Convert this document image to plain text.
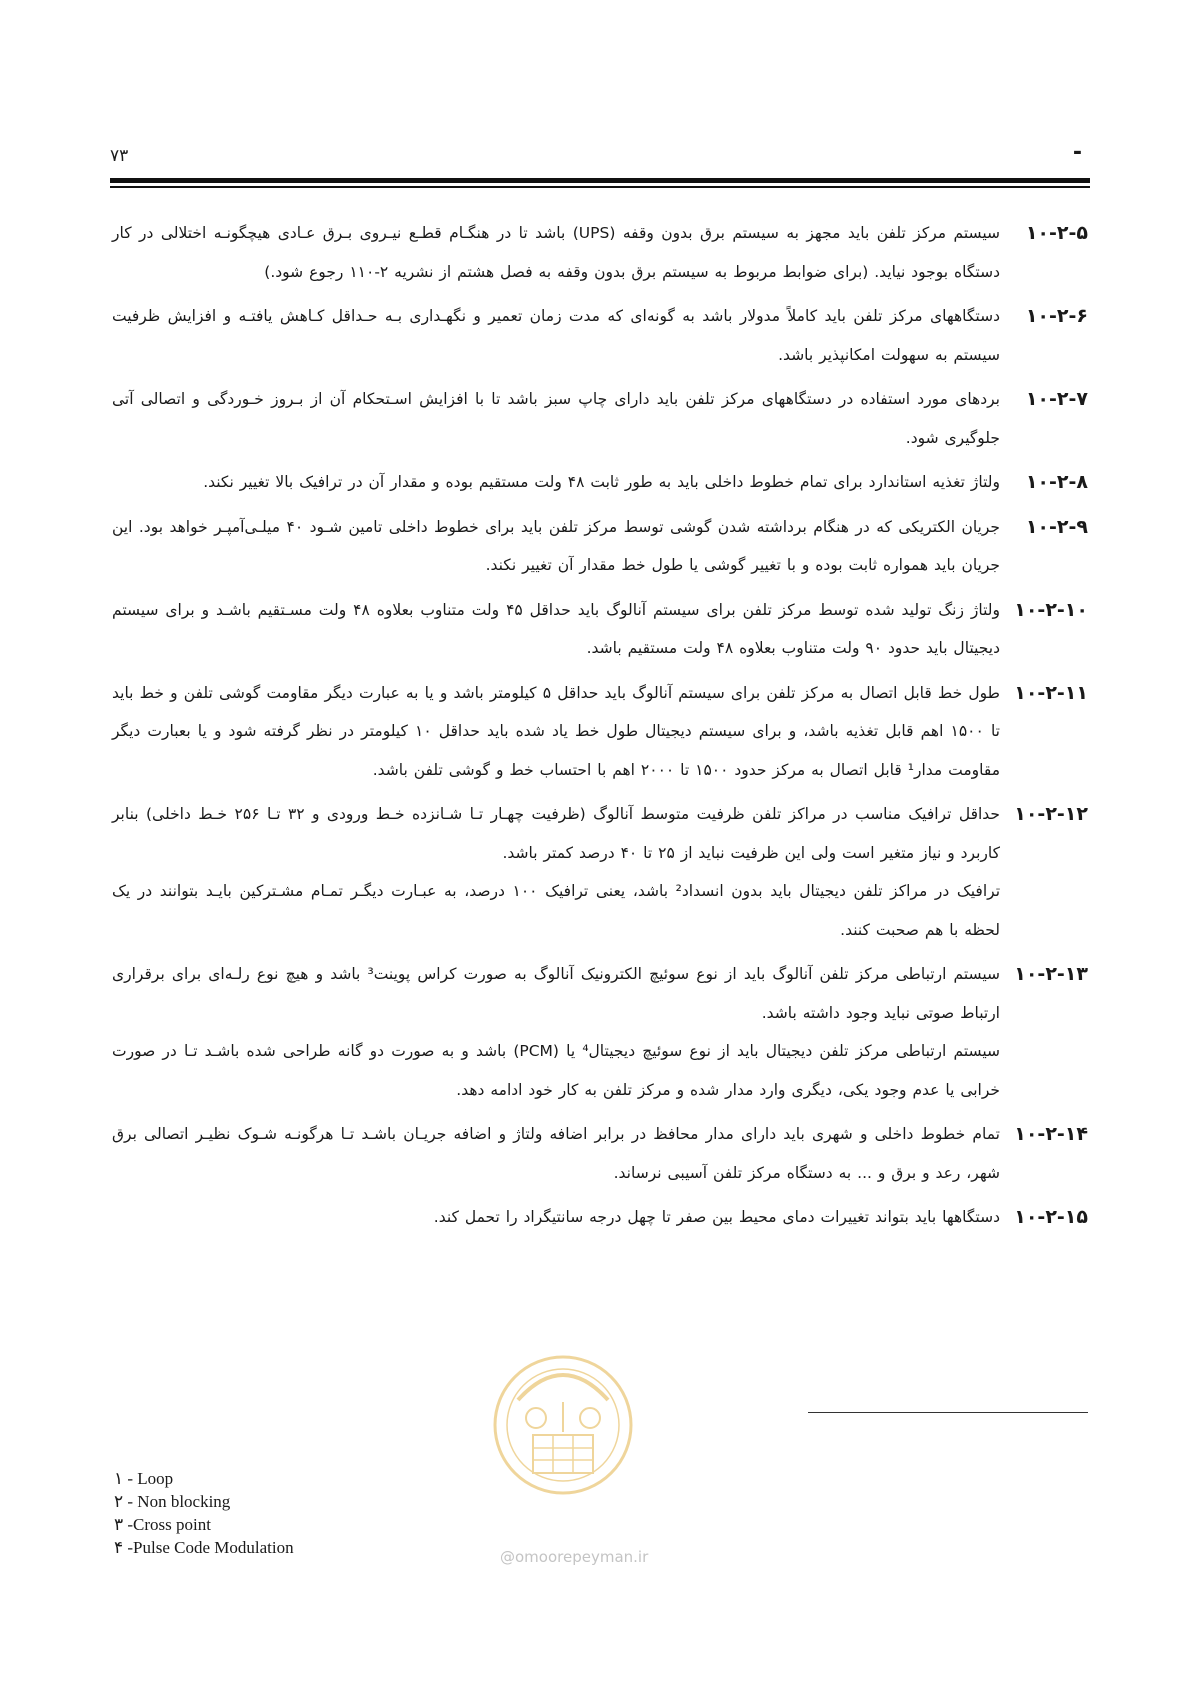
۷۳	-
۱۰-۲-۵

سیستم مرکز تلفن باید مجهز به سیستم برق بدون وقفه (UPS) باشد تا در هنگـام قطـع نیـروی بـرق عـادی هیچگونـه اختلالی در کار دستگاه بوجود نیاید. (برای ضوابط مربوط به سیستم برق بدون وقفه به فصل هشتم از نشریه ۲-۱۱۰ رجوع شود.)

۱۰-۲-۶

دستگاههای مرکز تلفن باید کاملاً مدولار باشد به گونه‌ای که مدت زمان تعمیر و نگهـداری بـه حـداقل کـاهش یافتـه و افزایش ظرفیت سیستم به سهولت امکانپذیر باشد.

۱۰-۲-۷

بردهای مورد استفاده در دستگاههای مرکز تلفن باید دارای چاپ سبز باشد تا با افزایش اسـتحکام آن از بـروز خـوردگی و اتصالی آتی جلوگیری شود.

۱۰-۲-۸

ولتاژ تغذیه استاندارد برای تمام خطوط داخلی باید به طور ثابت ۴۸ ولت مستقیم بوده و مقدار آن در ترافیک بالا تغییر نکند.

۱۰-۲-۹

جریان الکتریکی که در هنگام برداشته شدن گوشی توسط مرکز تلفن باید برای خطوط داخلی تامین شـود ۴۰ میلـی‌آمپـر خواهد بود. این جریان باید همواره ثابت بوده و با تغییر گوشی یا طول خط مقدار آن تغییر نکند.

۱۰-۲-۱۰

ولتاژ زنگ تولید شده توسط مرکز تلفن برای سیستم آنالوگ باید حداقل ۴۵ ولت متناوب بعلاوه ۴۸ ولت مسـتقیم باشـد و برای سیستم دیجیتال باید حدود ۹۰ ولت متناوب بعلاوه ۴۸ ولت مستقیم باشد.

۱۰-۲-۱۱

طول خط قابل اتصال به مرکز تلفن برای سیستم آنالوگ باید حداقل ۵ کیلومتر باشد و یا به عبارت دیگر مقاومت گوشی تلفن و خط باید تا ۱۵۰۰ اهم قابل تغذیه باشد، و برای سیستم دیجیتال طول خط یاد شده باید حداقل ۱۰ کیلومتر در نظر گرفته شود و یا بعبارت دیگر مقاومت مدار¹ قابل اتصال به مرکز حدود ۱۵۰۰ تا ۲۰۰۰ اهم با احتساب خط و گوشی تلفن باشد.

۱۰-۲-۱۲

حداقل ترافیک مناسب در مراکز تلفن ظرفیت متوسط آنالوگ (ظرفیت چهـار تـا شـانزده خـط ورودی و ۳۲ تـا ۲۵۶ خـط داخلی) بنابر کاربرد و نیاز متغیر است ولی این ظرفیت نباید از ۲۵ تا ۴۰ درصد کمتر باشد.

ترافیک در مراکز تلفن دیجیتال باید بدون انسداد² باشد، یعنی ترافیک ۱۰۰ درصد، به عبـارت دیگـر تمـام مشـترکین بایـد بتوانند در یک لحظه با هم صحبت کنند.

۱۰-۲-۱۳

سیستم ارتباطی مرکز تلفن آنالوگ باید از نوع سوئیچ الکترونیک آنالوگ به صورت کراس پوینت³ باشد و هیچ نوع رلـه‌ای برای برقراری ارتباط صوتی نباید وجود داشته باشد.

سیستم ارتباطی مرکز تلفن دیجیتال باید از نوع سوئیچ دیجیتال⁴ یا (PCM) باشد و به صورت دو گانه طراحی شده باشـد تـا در صورت خرابی یا عدم وجود یکی، دیگری وارد مدار شده و مرکز تلفن به کار خود ادامه دهد.

۱۰-۲-۱۴

تمام خطوط داخلی و شهری باید دارای مدار محافظ در برابر اضافه ولتاژ و اضافه جریـان باشـد تـا هرگونـه شـوک نظیـر اتصالی برق شهر، رعد و برق و ... به دستگاه مرکز تلفن آسیبی نرساند.

۱۰-۲-۱۵

دستگاهها باید بتواند تغییرات دمای محیط بین صفر تا چهل درجه سانتیگراد را تحمل کند.

۱ - Loop
۲ - Non blocking
۳ -Cross point
۴ -Pulse Code Modulation	@omoorepeyman.ir
